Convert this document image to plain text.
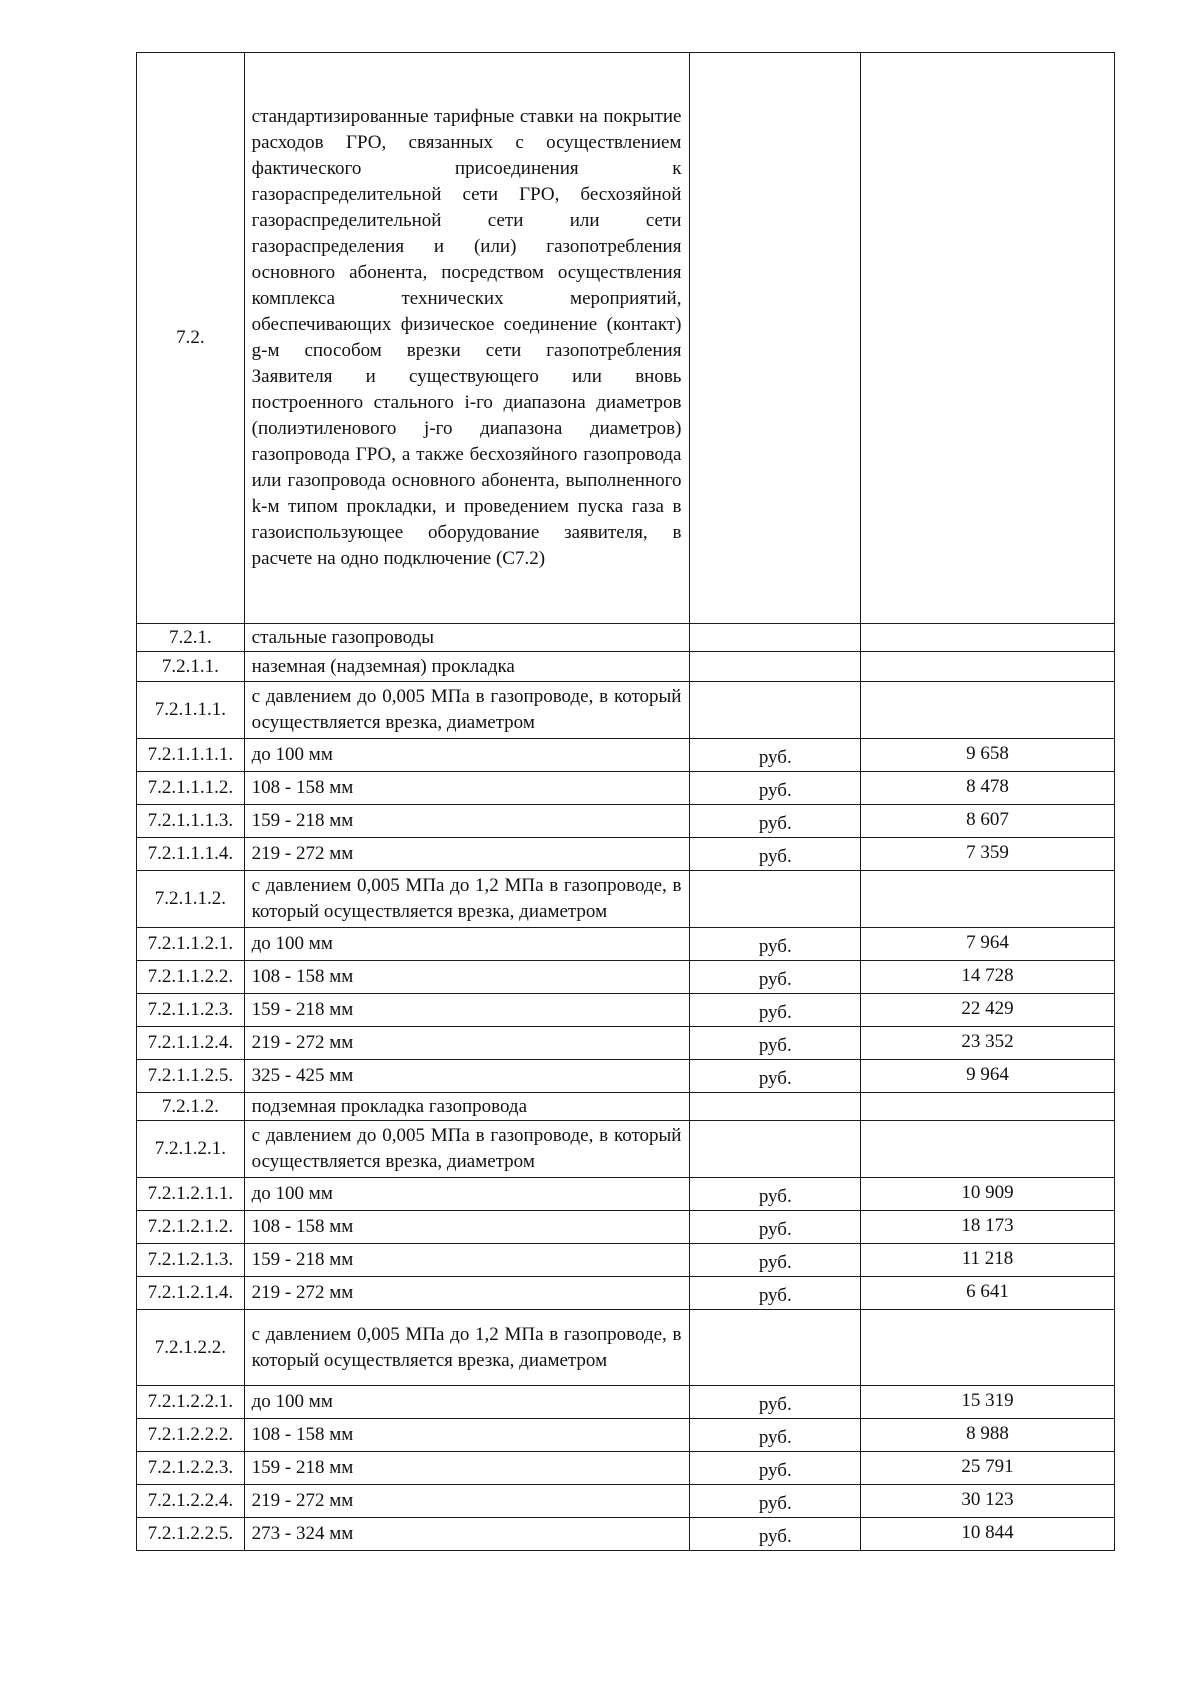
7.2.	стандартизированные тарифные ставки на покрытие расходов ГРО, связанных с осуществлением фактического присоединения к газораспределительной сети ГРО, бесхозяйной газораспределительной сети или сети газораспределения и (или) газопотребления основного абонента, посредством осуществления комплекса технических мероприятий, обеспечивающих физическое соединение (контакт) g-м способом врезки сети газопотребления Заявителя и существующего или вновь построенного стального i-го диапазона диаметров (полиэтиленового j-го диапазона диаметров) газопровода ГРО, а также бесхозяйного газопровода или газопровода основного абонента, выполненного k-м типом прокладки, и проведением пуска газа в газоиспользующее оборудование заявителя, в расчете на одно подключение (С7.2)		
7.2.1.	стальные газопроводы		
7.2.1.1.	наземная (надземная) прокладка		
7.2.1.1.1.	с давлением до 0,005 МПа в газопроводе, в который осуществляется врезка, диаметром		
7.2.1.1.1.1.	до 100 мм	руб.	9 658
7.2.1.1.1.2.	108 - 158 мм	руб.	8 478
7.2.1.1.1.3.	159 - 218 мм	руб.	8 607
7.2.1.1.1.4.	219 - 272 мм	руб.	7 359
7.2.1.1.2.	с давлением 0,005 МПа до 1,2 МПа в газопроводе, в который осуществляется врезка, диаметром		
7.2.1.1.2.1.	до 100 мм	руб.	7 964
7.2.1.1.2.2.	108 - 158 мм	руб.	14 728
7.2.1.1.2.3.	159 - 218 мм	руб.	22 429
7.2.1.1.2.4.	219 - 272 мм	руб.	23 352
7.2.1.1.2.5.	325 - 425 мм	руб.	9 964
7.2.1.2.	подземная прокладка газопровода		
7.2.1.2.1.	с давлением до 0,005 МПа в газопроводе, в который осуществляется врезка, диаметром		
7.2.1.2.1.1.	до 100 мм	руб.	10 909
7.2.1.2.1.2.	108 - 158 мм	руб.	18 173
7.2.1.2.1.3.	159 - 218 мм	руб.	11 218
7.2.1.2.1.4.	219 - 272 мм	руб.	6 641
7.2.1.2.2.	с давлением 0,005 МПа до 1,2 МПа в газопроводе, в который осуществляется врезка, диаметром		
7.2.1.2.2.1.	до 100 мм	руб.	15 319
7.2.1.2.2.2.	108 - 158 мм	руб.	8 988
7.2.1.2.2.3.	159 - 218 мм	руб.	25 791
7.2.1.2.2.4.	219 - 272 мм	руб.	30 123
7.2.1.2.2.5.	273 - 324 мм	руб.	10 844
